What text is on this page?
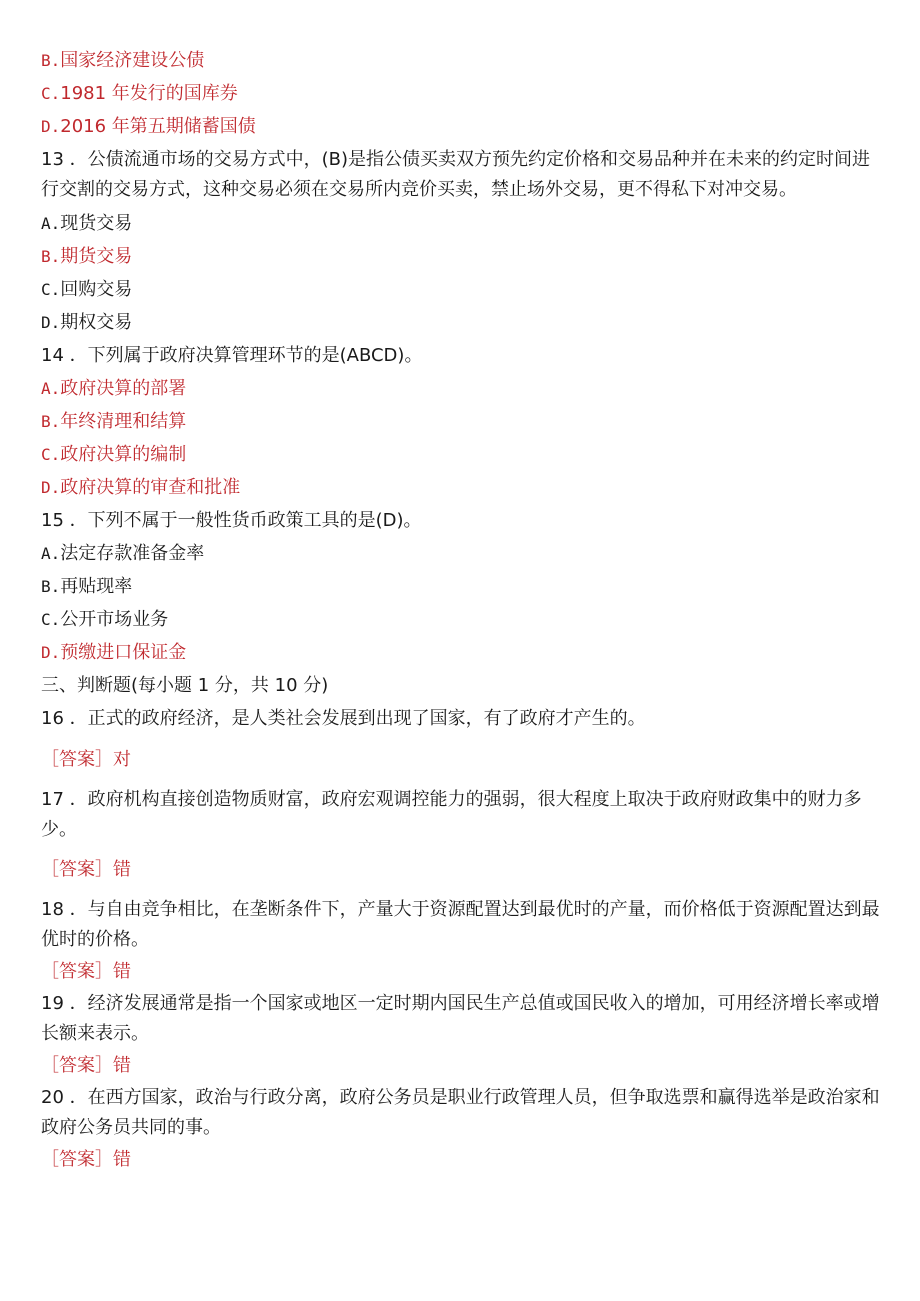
B.国家经济建设公债
C.1981 年发行的国库券
D.2016 年第五期储蓄国债
13 ．公债流通市场的交易方式中，(B)是指公债买卖双方预先约定价格和交易品种并在未来的约定时间进行交割的交易方式，这种交易必须在交易所内竞价买卖，禁止场外交易，更不得私下对冲交易。
A.现货交易
B.期货交易
C.回购交易
D.期权交易
14 ．下列属于政府决算管理环节的是(ABCD)。
A.政府决算的部署
B.年终清理和结算
C.政府决算的编制
D.政府决算的审查和批准
15 ．下列不属于一般性货币政策工具的是(D)。
A.法定存款准备金率
B.再贴现率
C.公开市场业务
D.预缴进口保证金
三、判断题(每小题 1 分，共 10 分)
16 ．正式的政府经济，是人类社会发展到出现了国家，有了政府才产生的。
［答案］对
17 ．政府机构直接创造物质财富，政府宏观调控能力的强弱，很大程度上取决于政府财政集中的财力多少。
［答案］错
18 ．与自由竞争相比，在垄断条件下，产量大于资源配置达到最优时的产量，而价格低于资源配置达到最优时的价格。
［答案］错
19 ．经济发展通常是指一个国家或地区一定时期内国民生产总值或国民收入的增加，可用经济增长率或增长额来表示。
［答案］错
20 ．在西方国家，政治与行政分离，政府公务员是职业行政管理人员，但争取选票和赢得选举是政治家和政府公务员共同的事。
［答案］错
